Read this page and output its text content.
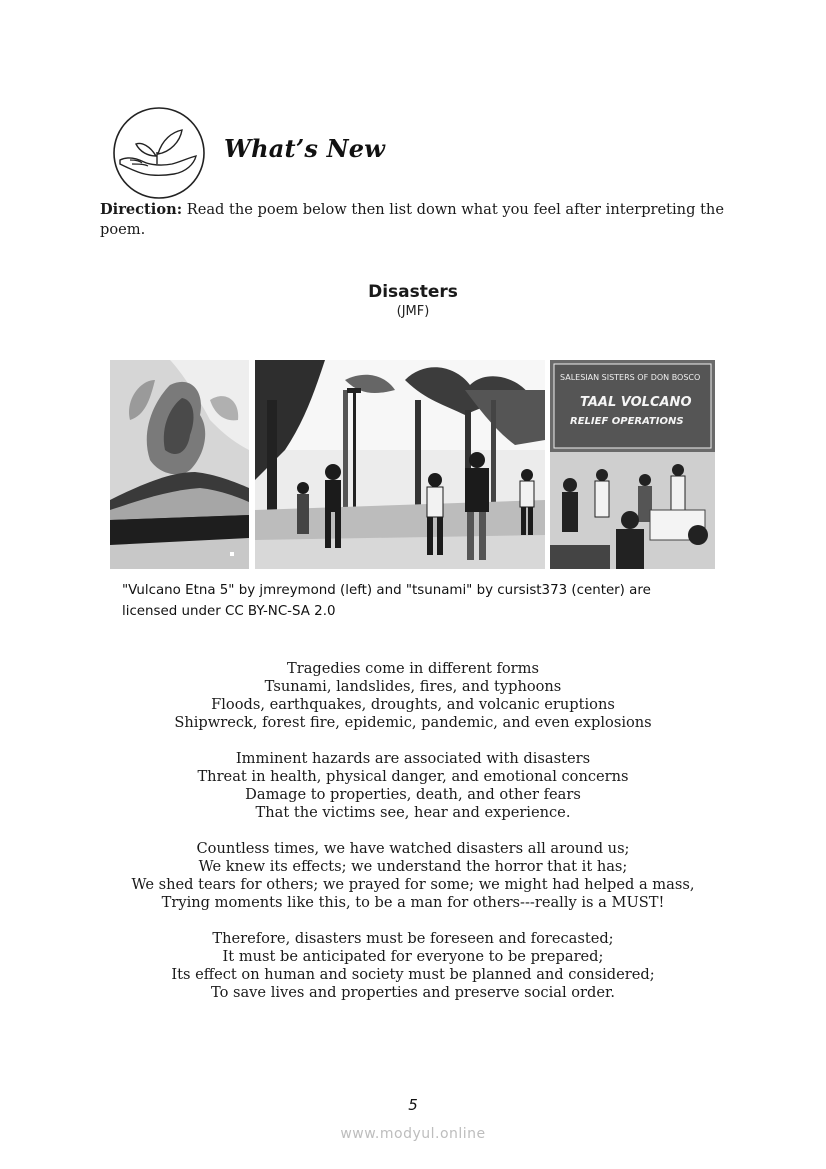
What’s New
Direction: Read the poem below then list down what you feel after interpreting the poem.
Disasters
(JMF)
SALESIAN SISTERS OF DON BOSCO
TAAL VOLCANO
RELIEF OPERATIONS
"Vulcano Etna 5" by jmreymond (left) and "tsunami" by cursist373 (center) are
licensed under CC BY-NC-SA 2.0
Tragedies come in different forms
Tsunami, landslides, fires, and typhoons
Floods, earthquakes, droughts, and volcanic eruptions
Shipwreck, forest fire, epidemic, pandemic, and even explosions
Imminent hazards are associated with disasters
Threat in health, physical danger, and emotional concerns
Damage to properties, death, and other fears
That the victims see, hear and experience.
Countless times, we have watched disasters all around us;
We knew its effects; we understand the horror that it has;
We shed tears for others; we prayed for some; we might had helped a mass,
Trying moments like this, to be a man for others---really is a MUST!
Therefore, disasters must be foreseen and forecasted;
It must be anticipated for everyone to be prepared;
Its effect on human and society must be planned and considered;
To save lives and properties and preserve social order.
5
www.modyul.online
